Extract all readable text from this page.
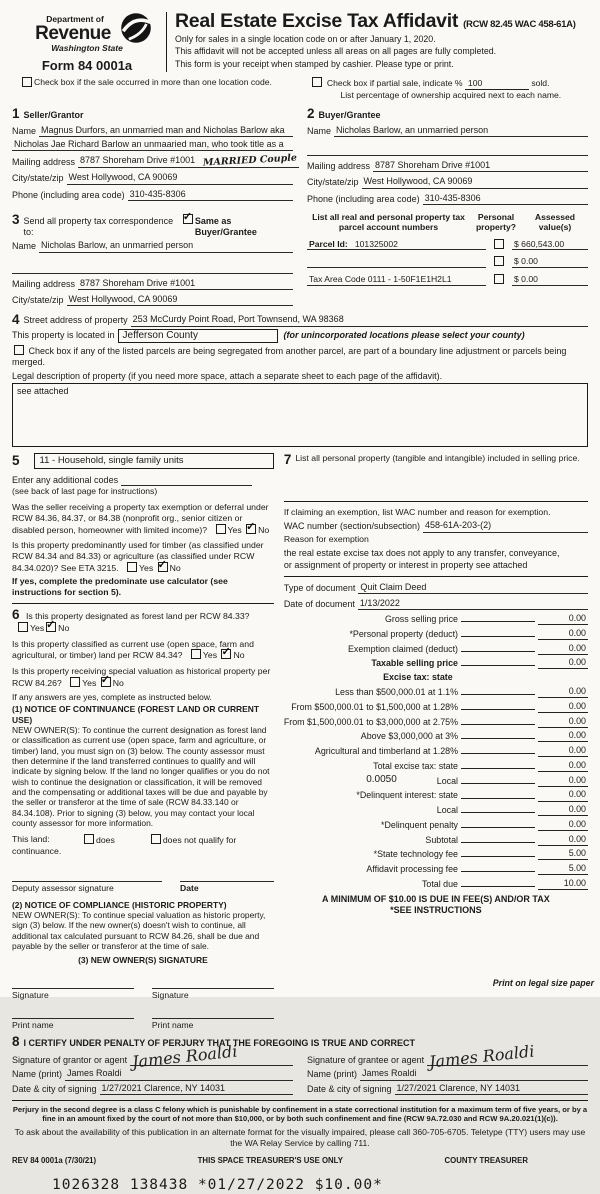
Department of
Revenue
Washington State
Form 84 0001a
Real Estate Excise Tax Affidavit (RCW 82.45 WAC 458-61A)
Only for sales in a single location code on or after January 1, 2020.
This affidavit will not be accepted unless all areas on all pages are fully completed.
This form is your receipt when stamped by cashier. Please type or print.
Check box if the sale occurred in more than one location code.	Check box if partial sale, indicate % 100	sold.
List percentage of ownership acquired next to each name.
1 Seller/Grantor
Name Magnus Durfors, an unmarried man and Nicholas Barlow aka
Nicholas Jae Richard Barlow an unmaaried man, who took title as a
Mailing address 8787 Shoreham Drive #1001 MARRIED Couple
City/state/zip West Hollywood, CA 90069
Phone (including area code) 310-435-8306
2 Buyer/Grantee
Name Nicholas Barlow, an unmarried person
Mailing address 8787 Shoreham Drive #1001
City/state/zip West Hollywood, CA 90069
Phone (including area code) 310-435-8306
3 Send all property tax correspondence to:
✓
Same as Buyer/Grantee
Name Nicholas Barlow, an unmarried person
Mailing address 8787 Shoreham Drive #1001
City/state/zip West Hollywood, CA 90069
List all real and personal property tax parcel account numbers
Personal property?
Assessed value(s)
Parcel Id: 101325002	$ 660,543.00
$ 0.00
Tax Area Code 0111 - 1-50F1E1H2L1	$ 0.00
4 Street address of property 253 McCurdy Point Road, Port Townsend, WA 98368
This property is located in Jefferson County	(for unincorporated locations please select your county)
Check box if any of the listed parcels are being segregated from another parcel, are part of a boundary line adjustment or parcels being merged.
Legal description of property (if you need more space, attach a separate sheet to each page of the affidavit).
see attached
5	11 - Household, single family units
Enter any additional codes
(see back of last page for instructions)
Was the seller receiving a property tax exemption or deferral under RCW 84.36, 84.37, or 84.38 (nonprofit org., senior citizen or disabled person, homeowner with limited income)? Yes ✓ No
Is this property predominantly used for timber (as classified under RCW 84.34 and 84.33) or agriculture (as classified under RCW 84.34.020)? See ETA 3215. Yes ✓ No
If yes, complete the predominate use calculator (see instructions for section 5).
6 Is this property designated as forest land per RCW 84.33? Yes ✓ No
Is this property classified as current use (open space, farm and agricultural, or timber) land per RCW 84.34? Yes ✓ No
Is this property receiving special valuation as historical property per RCW 84.26? Yes ✓ No
If any answers are yes, complete as instructed below.
(1) NOTICE OF CONTINUANCE (FOREST LAND OR CURRENT USE)
NEW OWNER(S): To continue the current designation as forest land or classification as current use (open space, farm and agriculture, or timber) land, you must sign on (3) below. The county assessor must then determine if the land transferred continues to qualify and will indicate by signing below. If the land no longer qualifies or you do not wish to continue the designation or classification, it will be removed and the compensating or additional taxes will be due and payable by the seller or transferor at the time of sale (RCW 84.33.140 or 84.34.108). Prior to signing (3) below, you may contact your local county assessor for more information.
This land:	does	does not qualify for
continuance.
Deputy assessor signature	Date
(2) NOTICE OF COMPLIANCE (HISTORIC PROPERTY)
NEW OWNER(S): To continue special valuation as historic property, sign (3) below. If the new owner(s) doesn't wish to continue, all additional tax calculated pursuant to RCW 84.26, shall be due and payable by the seller or transferor at the time of sale.
(3) NEW OWNER(S) SIGNATURE
Signature	Signature
Print name	Print name
7 List all personal property (tangible and intangible) included in selling price.
If claiming an exemption, list WAC number and reason for exemption.
WAC number (section/subsection) 458-61A-203-(2)
Reason for exemption
the real estate excise tax does not apply to any transfer, conveyance,
or assignment of property or interest in property see attached
Type of document Quit Claim Deed
Date of document 1/13/2022
Gross selling price	0.00
*Personal property (deduct)	0.00
Exemption claimed (deduct)	0.00
Taxable selling price	0.00
Excise tax: state
Less than $500,000.01 at 1.1%	0.00
From $500,000.01 to $1,500,000 at 1.28%	0.00
From $1,500,000.01 to $3,000,000 at 2.75%	0.00
Above $3,000,000 at 3%	0.00
Agricultural and timberland at 1.28%	0.00
Total excise tax: state	0.00
0.0050	Local	0.00
*Delinquent interest: state	0.00
Local	0.00
*Delinquent penalty	0.00
Subtotal	0.00
*State technology fee	5.00
Affidavit processing fee	5.00
Total due	10.00
A MINIMUM OF $10.00 IS DUE IN FEE(S) AND/OR TAX
*SEE INSTRUCTIONS
8 I CERTIFY UNDER PENALTY OF PERJURY THAT THE FOREGOING IS TRUE AND CORRECT
Signature of grantor or agent James Roaldi
Name (print) James Roaldi
Date & city of signing 1/27/2021 Clarence, NY 14031
Signature of grantee or agent James Roaldi
Name (print) James Roaldi
Date & city of signing 1/27/2021 Clarence, NY 14031
Perjury in the second degree is a class C felony which is punishable by confinement in a state correctional institution for a maximum term of five years, or by a fine in an amount fixed by the court of not more than $10,000, or by both such confinement and fine (RCW 9A.72.030 and RCW 9A.20.021(1)(c)).
To ask about the availability of this publication in an alternate format for the visually impaired, please call 360-705-6705. Teletype (TTY) users may use the WA Relay Service by calling 711.
REV 84 0001a (7/30/21)	THIS SPACE TREASURER'S USE ONLY	COUNTY TREASURER
1026328 138438 *01/27/2022 $10.00*
Print on legal size paper
